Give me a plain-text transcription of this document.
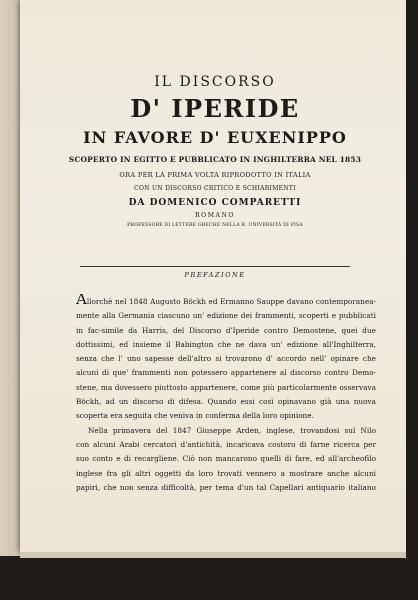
IL DISCORSO
D' IPERIDE
IN FAVORE D' EUXENIPPO
SCOPERTO IN EGITTO E PUBBLICATO IN INGHILTERRA NEL 1853
ORA PER LA PRIMA VOLTA RIPRODOTTO IN ITALIA
CON UN DISCORSO CRITICO E SCHIARIMENTI
DA DOMENICO COMPARETTI
ROMANO
PROFESSORE DI LETTERE GRECHE NELLA R. UNIVERSITÀ DI PISA
PREFAZIONE
Allorchè nel 1848 Augusto Böckh ed Ermanno Sauppe davano contemporanea-
mente alla Germania ciascuno un' edizione dei frammenti, scoperti e pubblicati
in fac-simile da Harris, del Discorso d'Iperide contro Demostene, quei due
dottissimi, ed insieme il Babington che ne dava un' edizione all'Inghilterra,
senza che l' uno sapesse dell'altro si trovarono d' accordo nell' opinare che
alcuni di que' frammenti non potessero appartenere al discorso contro Demo-
stene, ma dovessero piuttosto appartenere, come più particolarmente osservava
Böckh, ad un discorso di difesa. Quando essi così opinavano già una nuova
scoperta era seguita che veniva in conferma della loro opinione.
Nella primavera del 1847 Giuseppe Arden, inglese, trovandosi sul Nilo
con alcuni Arabi cercatori d'antichità, incaricava costoro di farne ricerca per
suo conto e di recargliene. Ciò non mancarono quelli di fare, ed all'archeofilo
inglese fra gli altri oggetti da loro trovati vennero a mostrare anche alcuni
papiri, che non senza difficoltà, per tema d'un tal Capellari antiquario italiano
